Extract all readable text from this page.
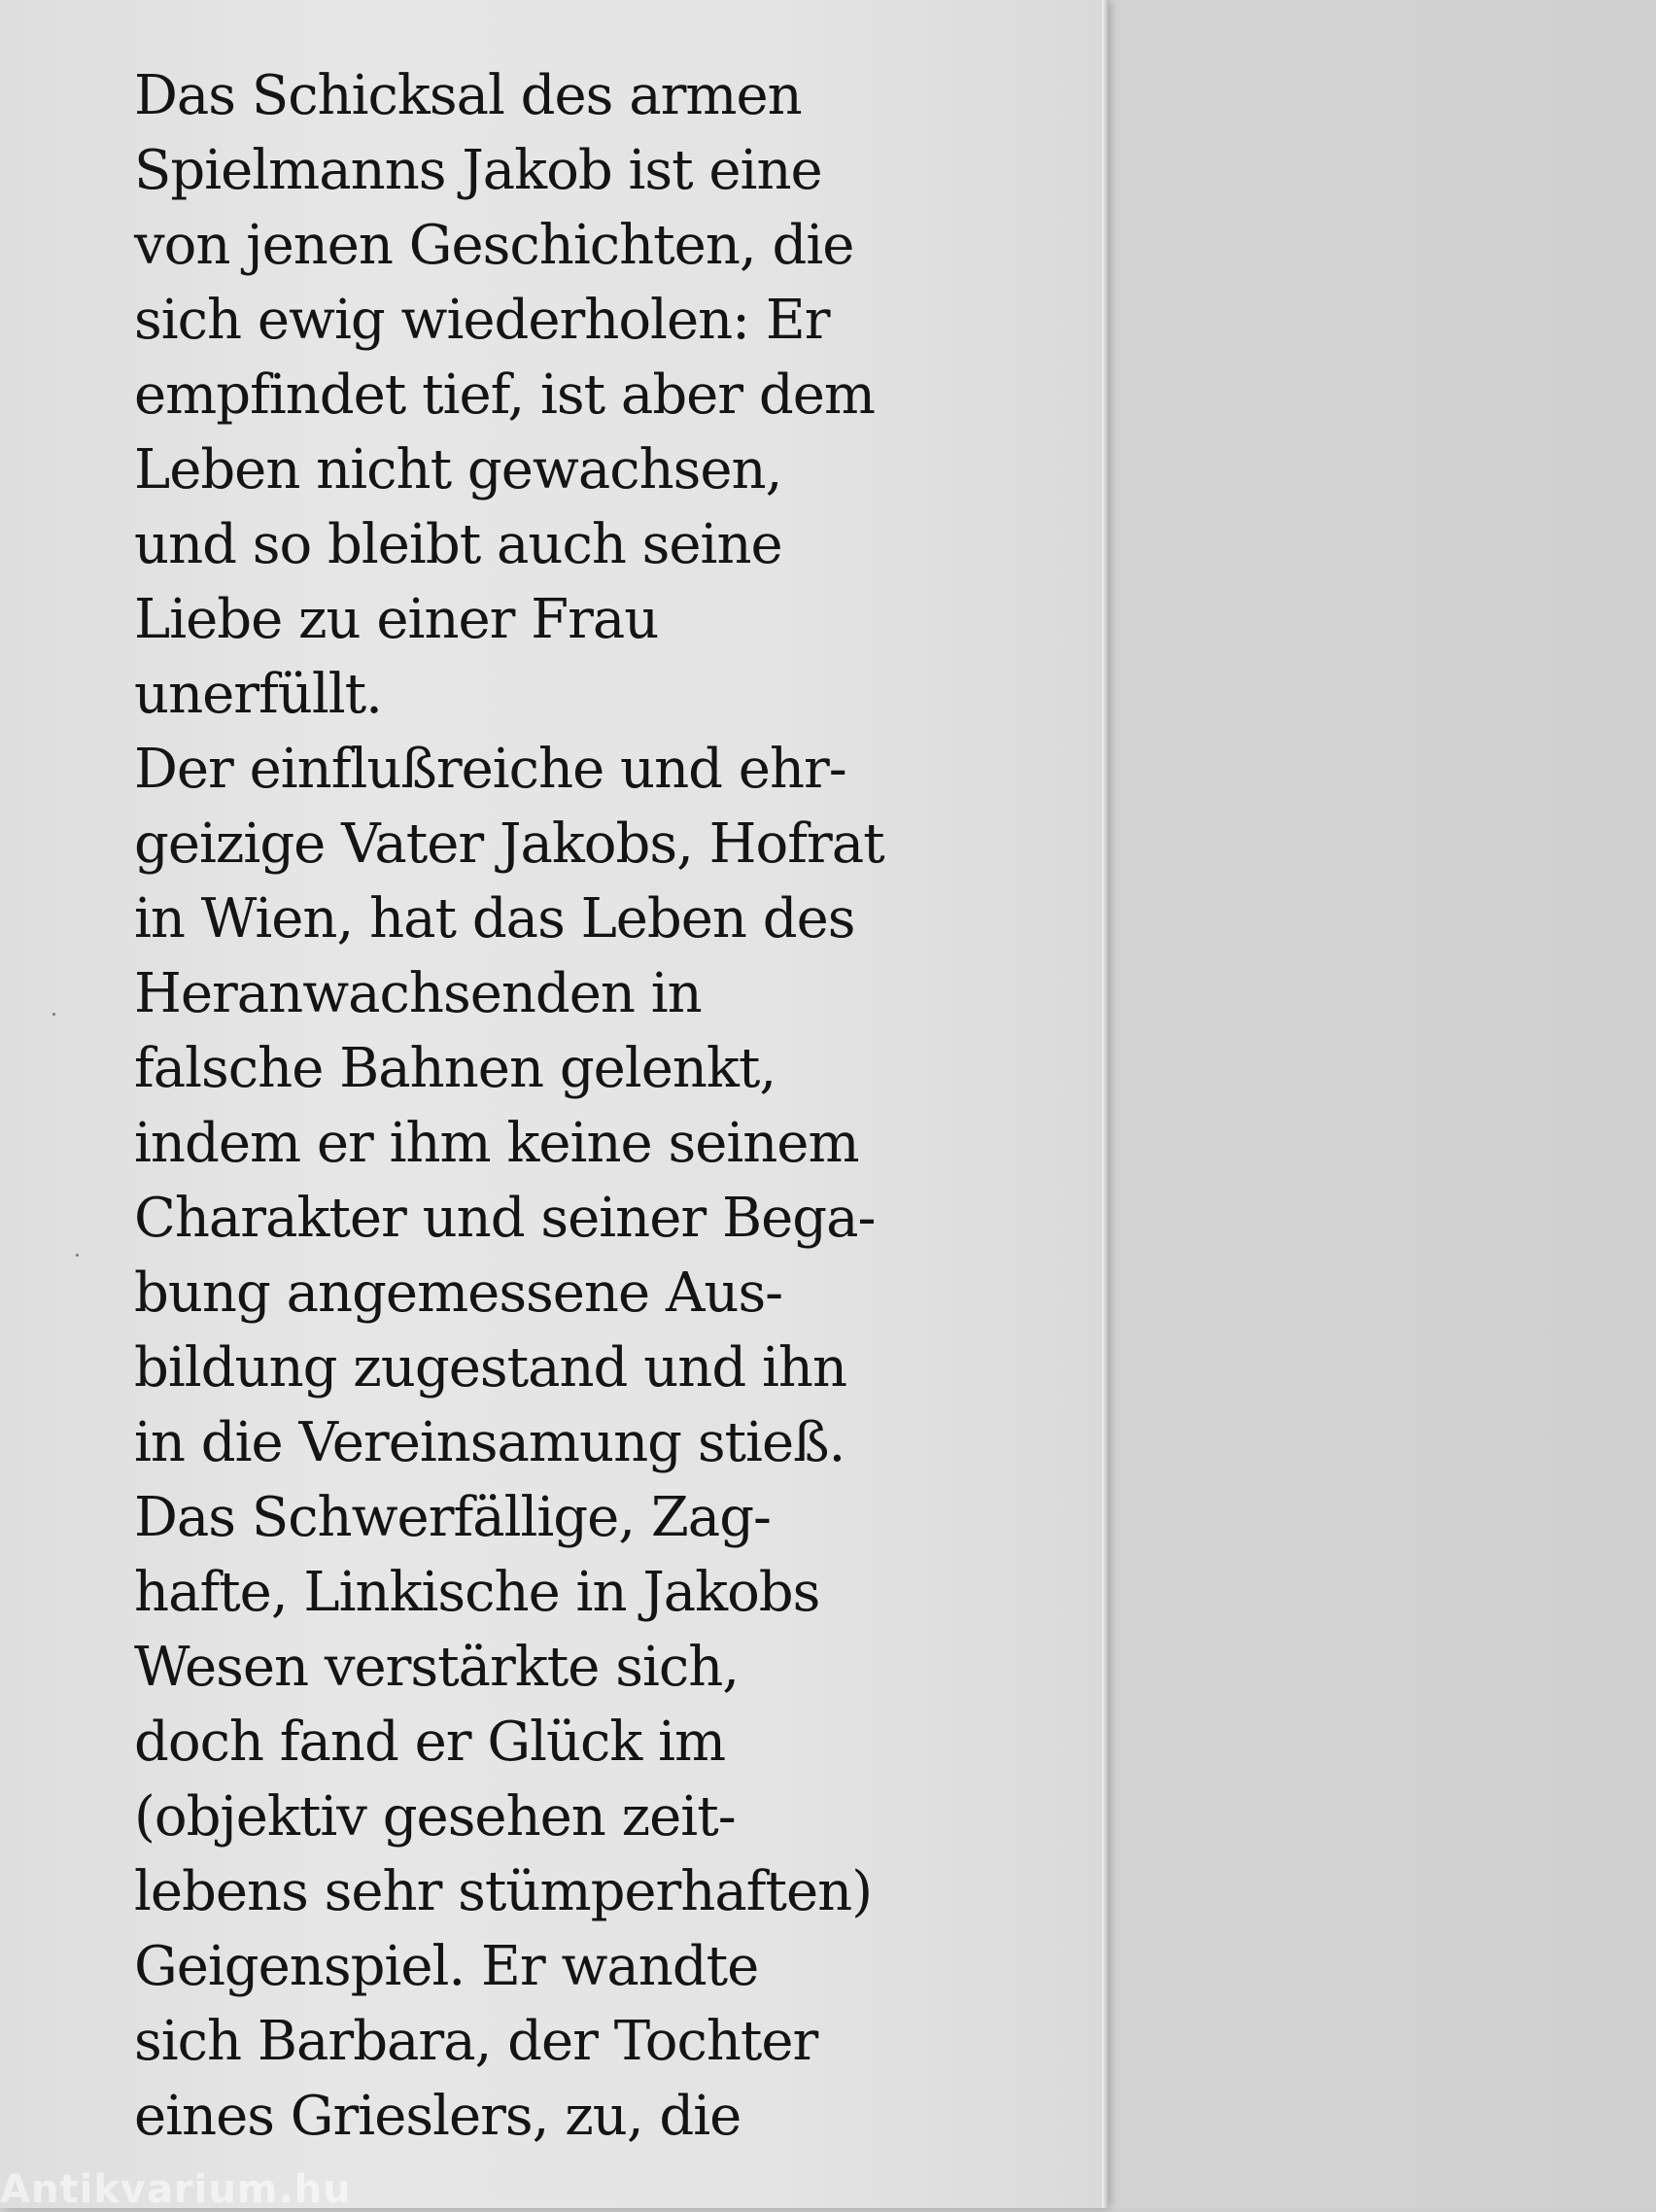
Das Schicksal des armen
Spielmanns Jakob ist eine
von jenen Geschichten, die
sich ewig wiederholen: Er
empfindet tief, ist aber dem
Leben nicht gewachsen,
und so bleibt auch seine
Liebe zu einer Frau
unerfüllt.
Der einflußreiche und ehr-
geizige Vater Jakobs, Hofrat
in Wien, hat das Leben des
Heranwachsenden in
falsche Bahnen gelenkt,
indem er ihm keine seinem
Charakter und seiner Bega-
bung angemessene Aus-
bildung zugestand und ihn
in die Vereinsamung stieß.
Das Schwerfällige, Zag-
hafte, Linkische in Jakobs
Wesen verstärkte sich,
doch fand er Glück im
(objektiv gesehen zeit-
lebens sehr stümperhaften)
Geigenspiel. Er wandte
sich Barbara, der Tochter
eines Grieslers, zu, die
Antikvarium.hu
